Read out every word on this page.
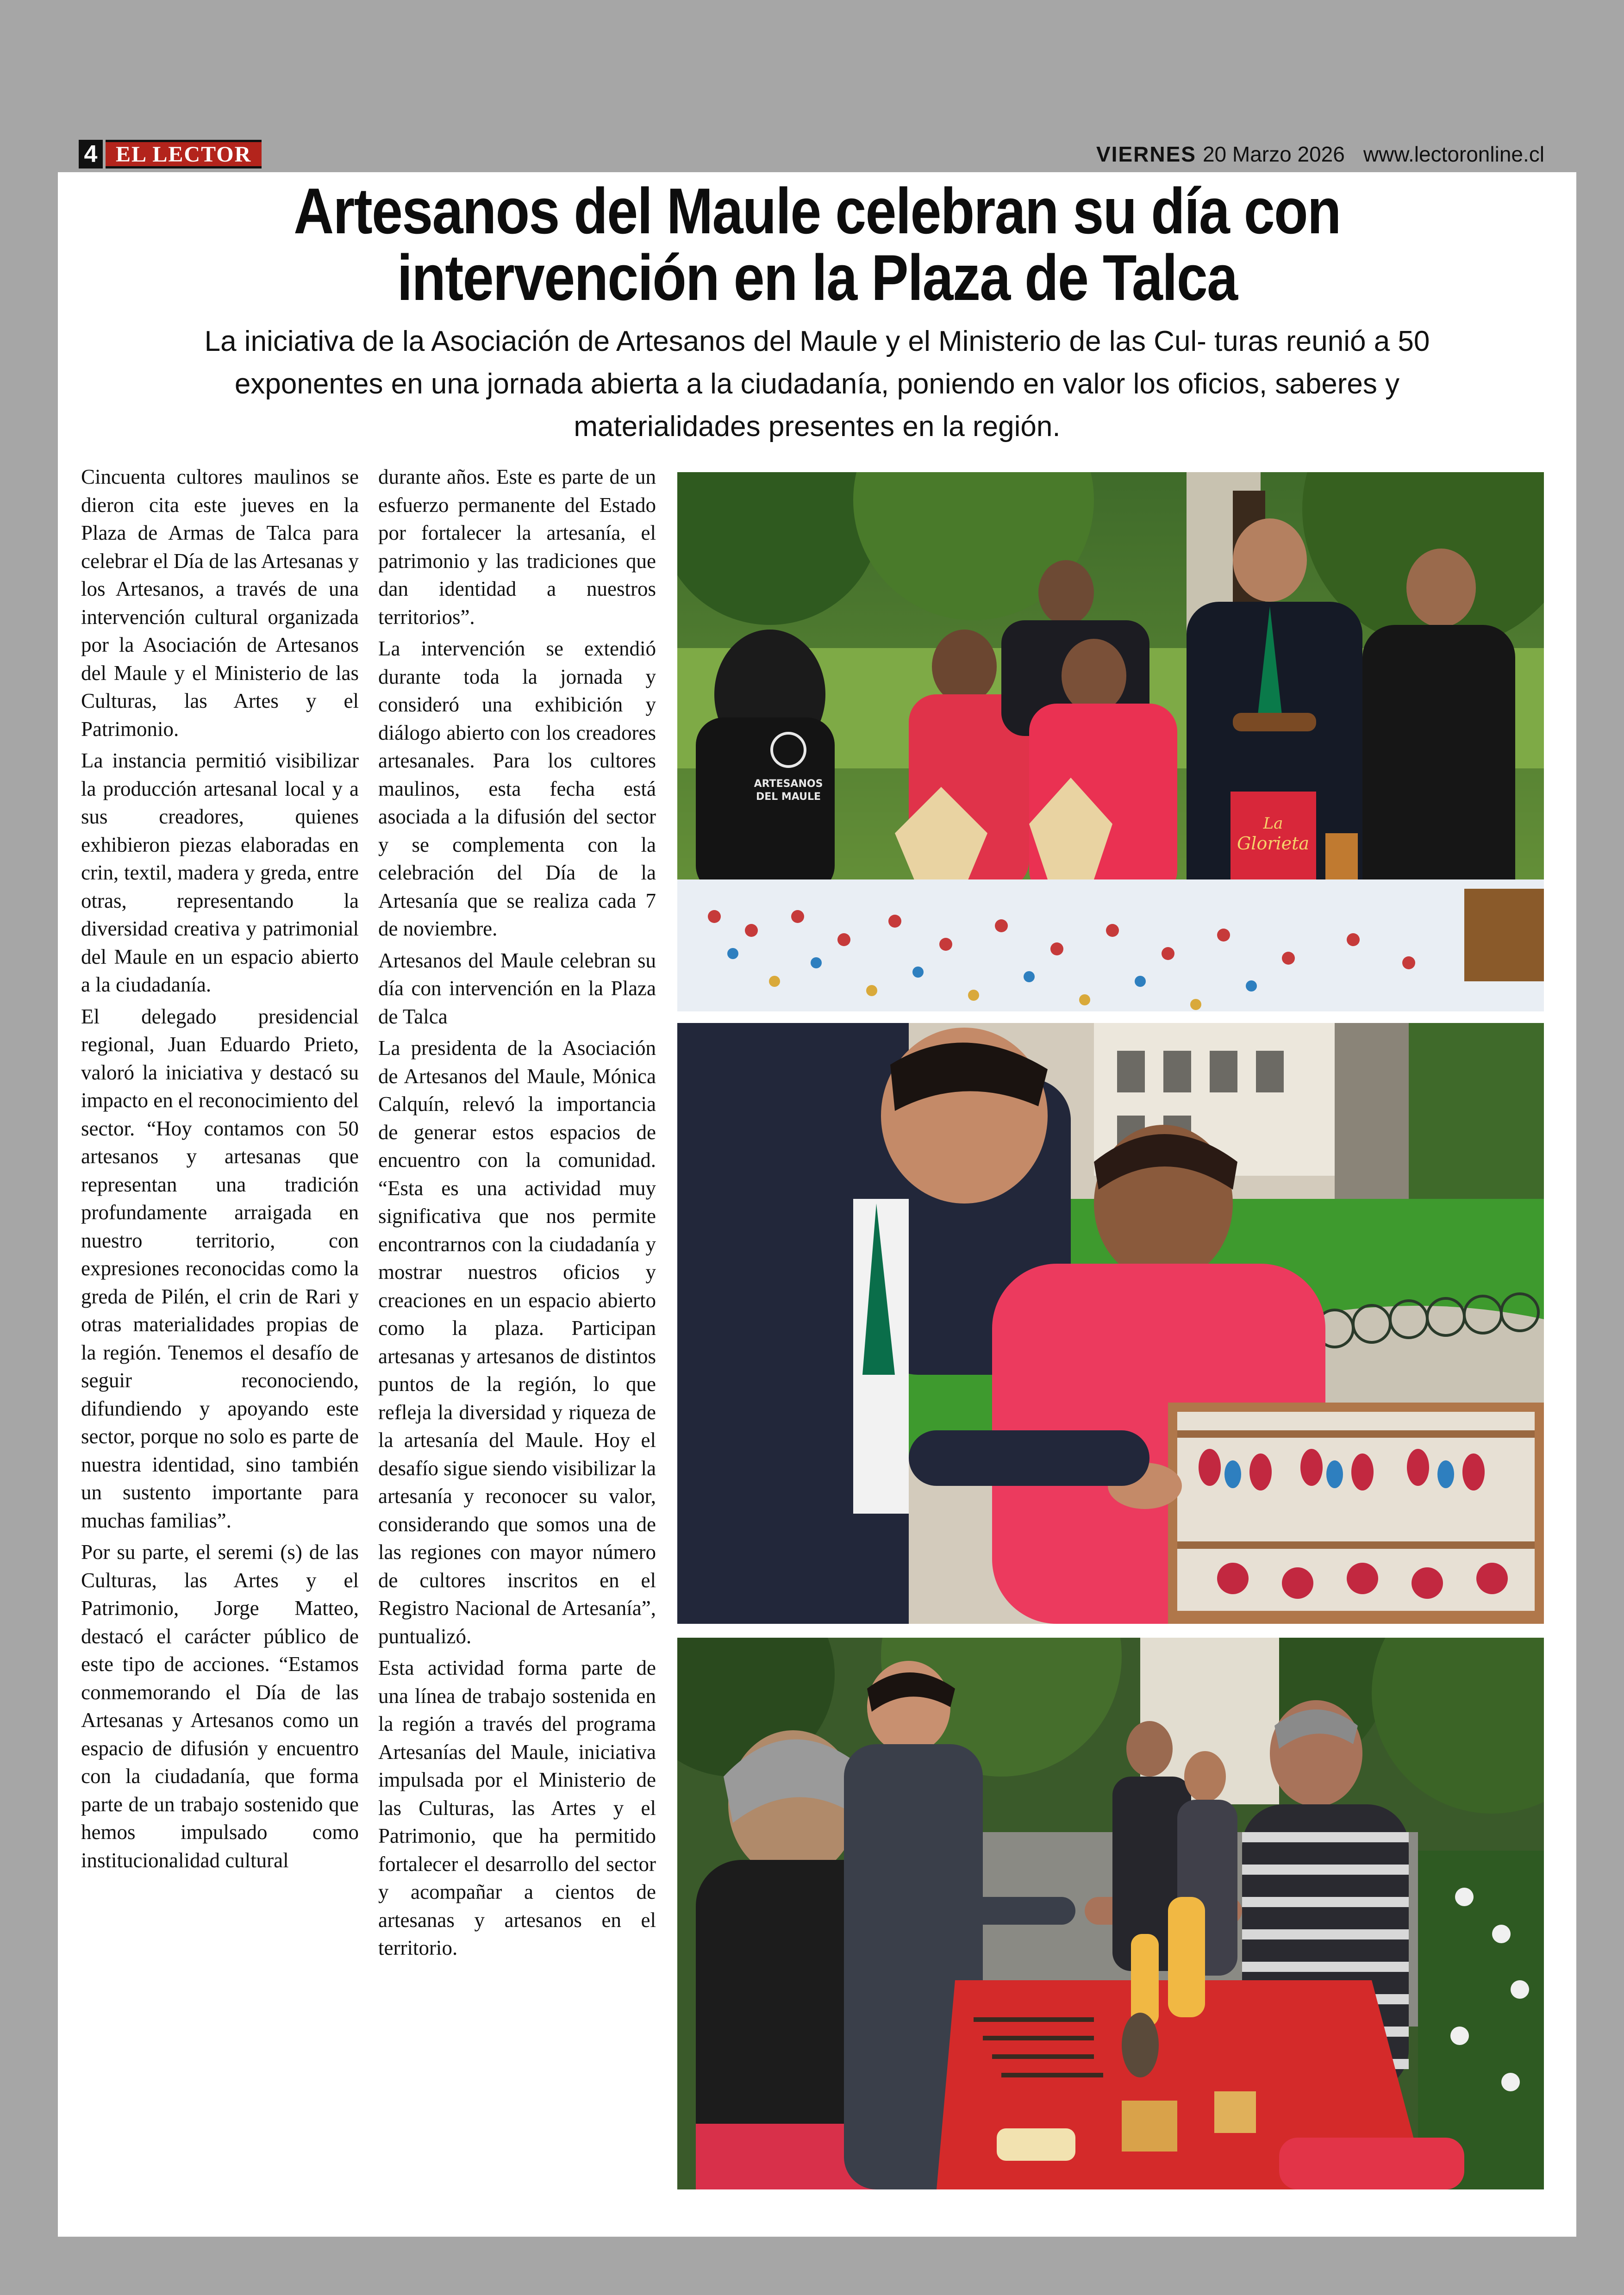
4 EL LECTOR	VIERNES 20 Marzo 2026 www.lectoronline.cl
Artesanos del Maule celebran su día con
intervención en la Plaza de Talca

La iniciativa de la Asociación de Artesanos del Maule y el Ministerio de las Cul- turas reunió a 50 exponentes en una jornada abierta a la ciudadanía, poniendo en valor los oficios, saberes y materialidades presentes en la región.

Cincuenta cultores maulinos se dieron cita este jueves en la Plaza de Armas de Talca para celebrar el Día de las Artesanas y los Artesanos, a través de una intervención cultural organizada por la Asociación de Artesanos del Maule y el Ministerio de las Culturas, las Artes y el Patrimonio.

La instancia permitió visibilizar la producción artesanal local y a sus creadores, quienes exhibieron piezas elaboradas en crin, textil, madera y greda, entre otras, representando la diversidad creativa y patrimonial del Maule en un espacio abierto a la ciudadanía.

El delegado presidencial regional, Juan Eduardo Prieto, valoró la iniciativa y destacó su impacto en el reconocimiento del sector. “Hoy contamos con 50 artesanos y artesanas que representan una tradición profundamente arraigada en nuestro territorio, con expresiones reconocidas como la greda de Pilén, el crin de Rari y otras materialidades propias de la región. Tenemos el desafío de seguir reconociendo, difundiendo y apoyando este sector, porque no solo es parte de nuestra identidad, sino también un sustento importante para muchas familias”.

Por su parte, el seremi (s) de las Culturas, las Artes y el Patrimonio, Jorge Matteo, destacó el carácter público de este tipo de acciones. “Estamos conmemorando el Día de las Artesanas y Artesanos como un espacio de difusión y encuentro con la ciudadanía, que forma parte de un trabajo sostenido que hemos impulsado como institucionalidad cultural

durante años. Este es parte de un esfuerzo permanente del Estado por fortalecer la artesanía, el patrimonio y las tradiciones que dan identidad a nuestros territorios”.

La intervención se extendió durante toda la jornada y consideró una exhibición y diálogo abierto con los creadores artesanales. Para los cultores maulinos, esta fecha está asociada a la difusión del sector y se complementa con la celebración del Día de la Artesanía que se realiza cada 7 de noviembre.

Artesanos del Maule celebran su día con intervención en la Plaza de Talca

La presidenta de la Asociación de Artesanos del Maule, Mónica Calquín, relevó la importancia de generar estos espacios de encuentro con la comunidad. “Esta es una actividad muy significativa que nos permite encontrarnos con la ciudadanía y mostrar nuestros oficios y creaciones en un espacio abierto como la plaza. Participan artesanas y artesanos de distintos puntos de la región, lo que refleja la diversidad y riqueza de la artesanía del Maule. Hoy el desafío sigue siendo visibilizar la artesanía y reconocer su valor, considerando que somos una de las regiones con mayor número de cultores inscritos en el Registro Nacional de Artesanía”, puntualizó.

Esta actividad forma parte de una línea de trabajo sostenida en la región a través del programa Artesanías del Maule, iniciativa impulsada por el Ministerio de las Culturas, las Artes y el Patrimonio, que ha permitido fortalecer el desarrollo del sector y acompañar a cientos de artesanas y artesanos en el territorio.

La
Glorieta
ARTESANOS
DEL MAULE
